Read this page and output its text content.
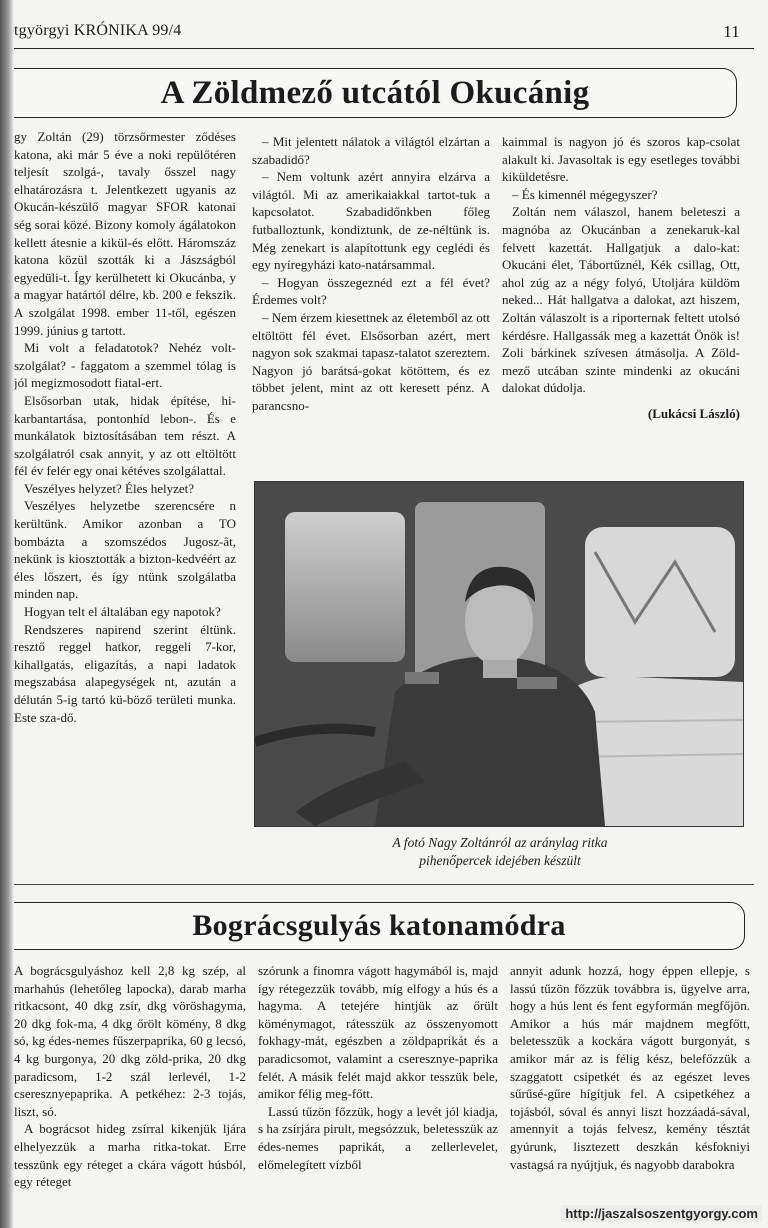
tgyörgyi KRÓNIKA 99/4	11
A Zöldmező utcától Okucánig

gy Zoltán (29) törzsőrmester ződéses katona, aki már 5 éve a noki repülőtéren teljesít szolgá-, tavaly ősszel nagy elhatározásra t. Jelentkezett ugyanis az Okucán-készülő magyar SFOR katonai ség sorai közé. Bizony komoly ágálatokon kellett átesnie a kikül-és előtt. Háromszáz katona közül szották ki a Jászságból egyedüli-t. Így kerülhetett ki Okucánba, y a magyar határtól délre, kb. 200 e fekszik. A szolgálat 1998. ember 11-től, egészen 1999. június g tartott.

Mi volt a feladatotok? Nehéz volt-szolgálat? - faggatom a szemmel tólag is jól megizmosodott fiatal-ert.

Elsősorban utak, hidak építése, hi-karbantartása, pontonhíd lebon-. És e munkálatok biztosításában tem részt. A szolgálatról csak annyit, y az ott eltöltött fél év felér egy onai kétéves szolgálattal.

Veszélyes helyzet? Éles helyzet?

Veszélyes helyzetbe szerencsére n kerültünk. Amikor azonban a TO bombázta a szomszédos Jugosz-ât, nekünk is kiosztották a bizton-kedvéért az éles lőszert, és így ntünk szolgálatba minden nap.

Hogyan telt el általában egy napotok?

Rendszeres napirend szerint éltünk. resztő reggel hatkor, reggeli 7-kor, kihallgatás, eligazítás, a napi ladatok megszabása alapegységek nt, azután a délután 5-ig tartó kü-böző területi munka. Este sza-dő.

– Mit jelentett nálatok a világtól elzártan a szabadidő?

– Nem voltunk azért annyira elzárva a világtól. Mi az amerikaiakkal tartot-tuk a kapcsolatot. Szabadidőnkben főleg futballoztunk, kondiztunk, de ze-néltünk is. Még zenekart is alapítottunk egy ceglédi és egy nyíregyházi kato-natársammal.

– Hogyan összegeznéd ezt a fél évet? Érdemes volt?

– Nem érzem kiesettnek az életemből az ott eltöltött fél évet. Elsősorban azért, mert nagyon sok szakmai tapasz-talatot szereztem. Nagyon jó barátsá-gokat kötöttem, és ez többet jelent, mint az ott keresett pénz. A parancsno-

kaimmal is nagyon jó és szoros kap-csolat alakult ki. Javasoltak is egy esetleges további kiküldetésre.

– És kimennél mégegyszer?

Zoltán nem válaszol, hanem beleteszi a magnóba az Okucánban a zenekaruk-kal felvett kazettát. Hallgatjuk a dalo-kat: Okucáni élet, Tábortűznél, Kék csillag, Ott, ahol zúg az a négy folyó, Utoljára küldöm neked... Hát hallgatva a dalokat, azt hiszem, Zoltán válaszolt is a riporternak feltett utolsó kérdésre. Hallgassák meg a kazettát Önök is! Zoli bárkinek szívesen átmásolja. A Zöld-mező utcában szinte mindenki az okucáni dalokat dúdolja.

(Lukácsi László)

A fotó Nagy Zoltánról az aránylag ritka
pihenőpercek idejében készült
Bográcsgulyás katonamódra

A bográcsgulyáshoz kell 2,8 kg szép, al marhahús (lehetőleg lapocka), darab marha ritkacsont, 40 dkg zsír, dkg vöröshagyma, 20 dkg fok-ma, 4 dkg őrölt kömény, 8 dkg só, kg édes-nemes fűszerpaprika, 60 g lecsó, 4 kg burgonya, 20 dkg zöld-prika, 20 dkg paradicsom, 1-2 szál lerlevél, 1-2 cseresznyepaprika. A petkéhez: 2-3 tojás, liszt, só.

A bográcsot hideg zsírral kikenjük ljára elhelyezzük a marha ritka-tokat. Erre tesszünk egy réteget a ckára vágott húsból, egy réteget

szórunk a finomra vágott hagymából is, majd így rétegezzük tovább, míg elfogy a hús és a hagyma. A tetejére hintjük az őrült köménymagot, rátesszük az összenyomott fokhagy-mát, egészben a zöldpaprikát és a paradicsomot, valamint a cseresznye-paprika felét. A másik felét majd akkor tesszük bele, amikor félig meg-főtt.

Lassú tűzön főzzük, hogy a levét jól kiadja, s ha zsírjára pirult, megsózzuk, beletesszük az édes-nemes paprikát, a zellerlevelet, előmelegített vízből

annyit adunk hozzá, hogy éppen ellepje, s lassú tűzön főzzük továbbra is, ügyelve arra, hogy a hús lent és fent egyformán megfőjön. Amikor a hús már majdnem megfőtt, beletesszük a kockára vágott burgonyát, s amikor már az is félig kész, belefőzzük a szaggatott csipetkét és az egészet leves sűrűsé-gűre hígítjuk fel. A csipetkéhez a tojásból, sóval és annyi liszt hozzáadá-sával, amennyit a tojás felvesz, kemény tésztát gyúrunk, lisztezett deszkán késfokniyi vastagsá ra nyújtjuk, és nagyobb darabokra

http://jaszalsoszentgyorgy.com
